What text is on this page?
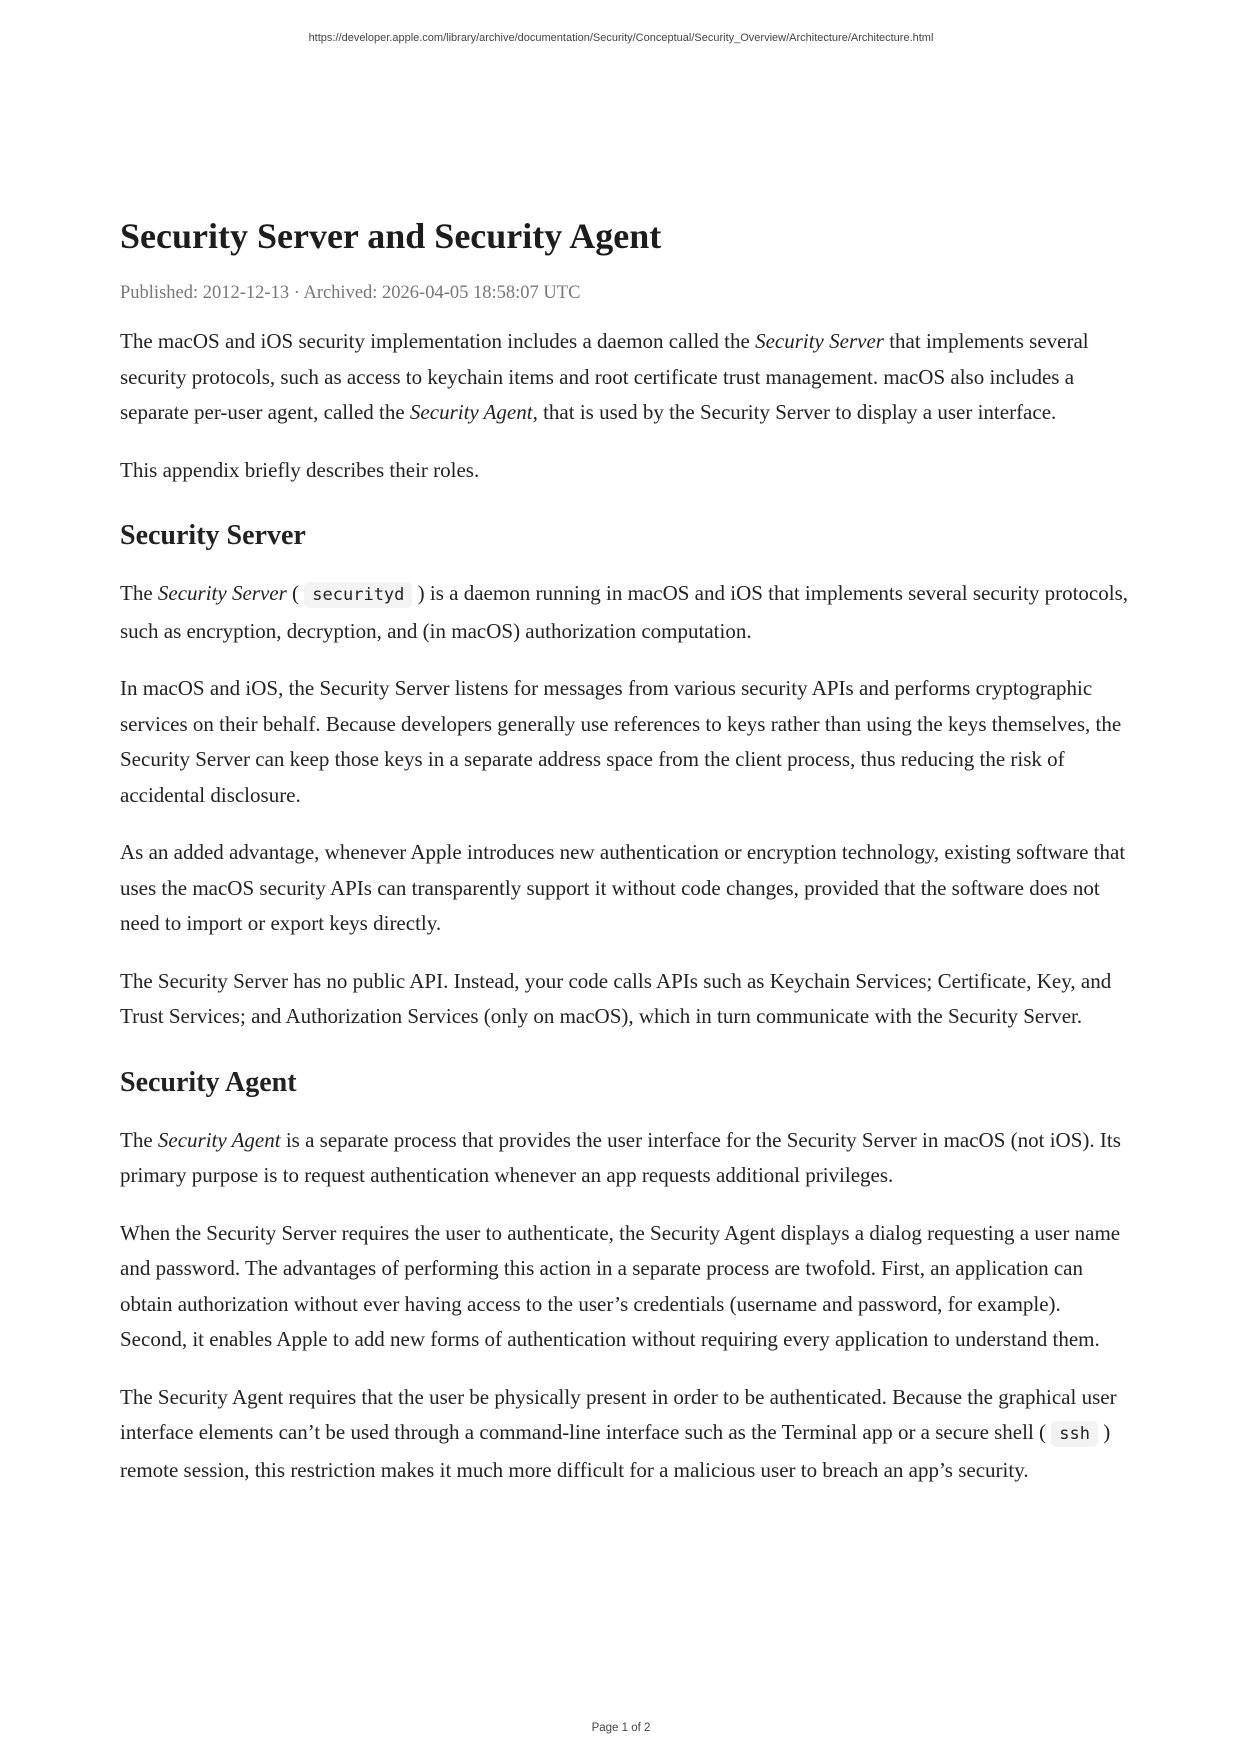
https://developer.apple.com/library/archive/documentation/Security/Conceptual/Security_Overview/Architecture/Architecture.html
Security Server and Security Agent
Published: 2012-12-13 · Archived: 2026-04-05 18:58:07 UTC

The macOS and iOS security implementation includes a daemon called the Security Server that implements several security protocols, such as access to keychain items and root certificate trust management. macOS also includes a separate per-user agent, called the Security Agent, that is used by the Security Server to display a user interface.

This appendix briefly describes their roles.

Security Server

The Security Server ( securityd ) is a daemon running in macOS and iOS that implements several security protocols, such as encryption, decryption, and (in macOS) authorization computation.

In macOS and iOS, the Security Server listens for messages from various security APIs and performs cryptographic services on their behalf. Because developers generally use references to keys rather than using the keys themselves, the Security Server can keep those keys in a separate address space from the client process, thus reducing the risk of accidental disclosure.

As an added advantage, whenever Apple introduces new authentication or encryption technology, existing software that uses the macOS security APIs can transparently support it without code changes, provided that the software does not need to import or export keys directly.

The Security Server has no public API. Instead, your code calls APIs such as Keychain Services; Certificate, Key, and Trust Services; and Authorization Services (only on macOS), which in turn communicate with the Security Server.

Security Agent

The Security Agent is a separate process that provides the user interface for the Security Server in macOS (not iOS). Its primary purpose is to request authentication whenever an app requests additional privileges.

When the Security Server requires the user to authenticate, the Security Agent displays a dialog requesting a user name and password. The advantages of performing this action in a separate process are twofold. First, an application can obtain authorization without ever having access to the user’s credentials (username and password, for example). Second, it enables Apple to add new forms of authentication without requiring every application to understand them.

The Security Agent requires that the user be physically present in order to be authenticated. Because the graphical user interface elements can’t be used through a command-line interface such as the Terminal app or a secure shell ( ssh ) remote session, this restriction makes it much more difficult for a malicious user to breach an app’s security.

Page 1 of 2
